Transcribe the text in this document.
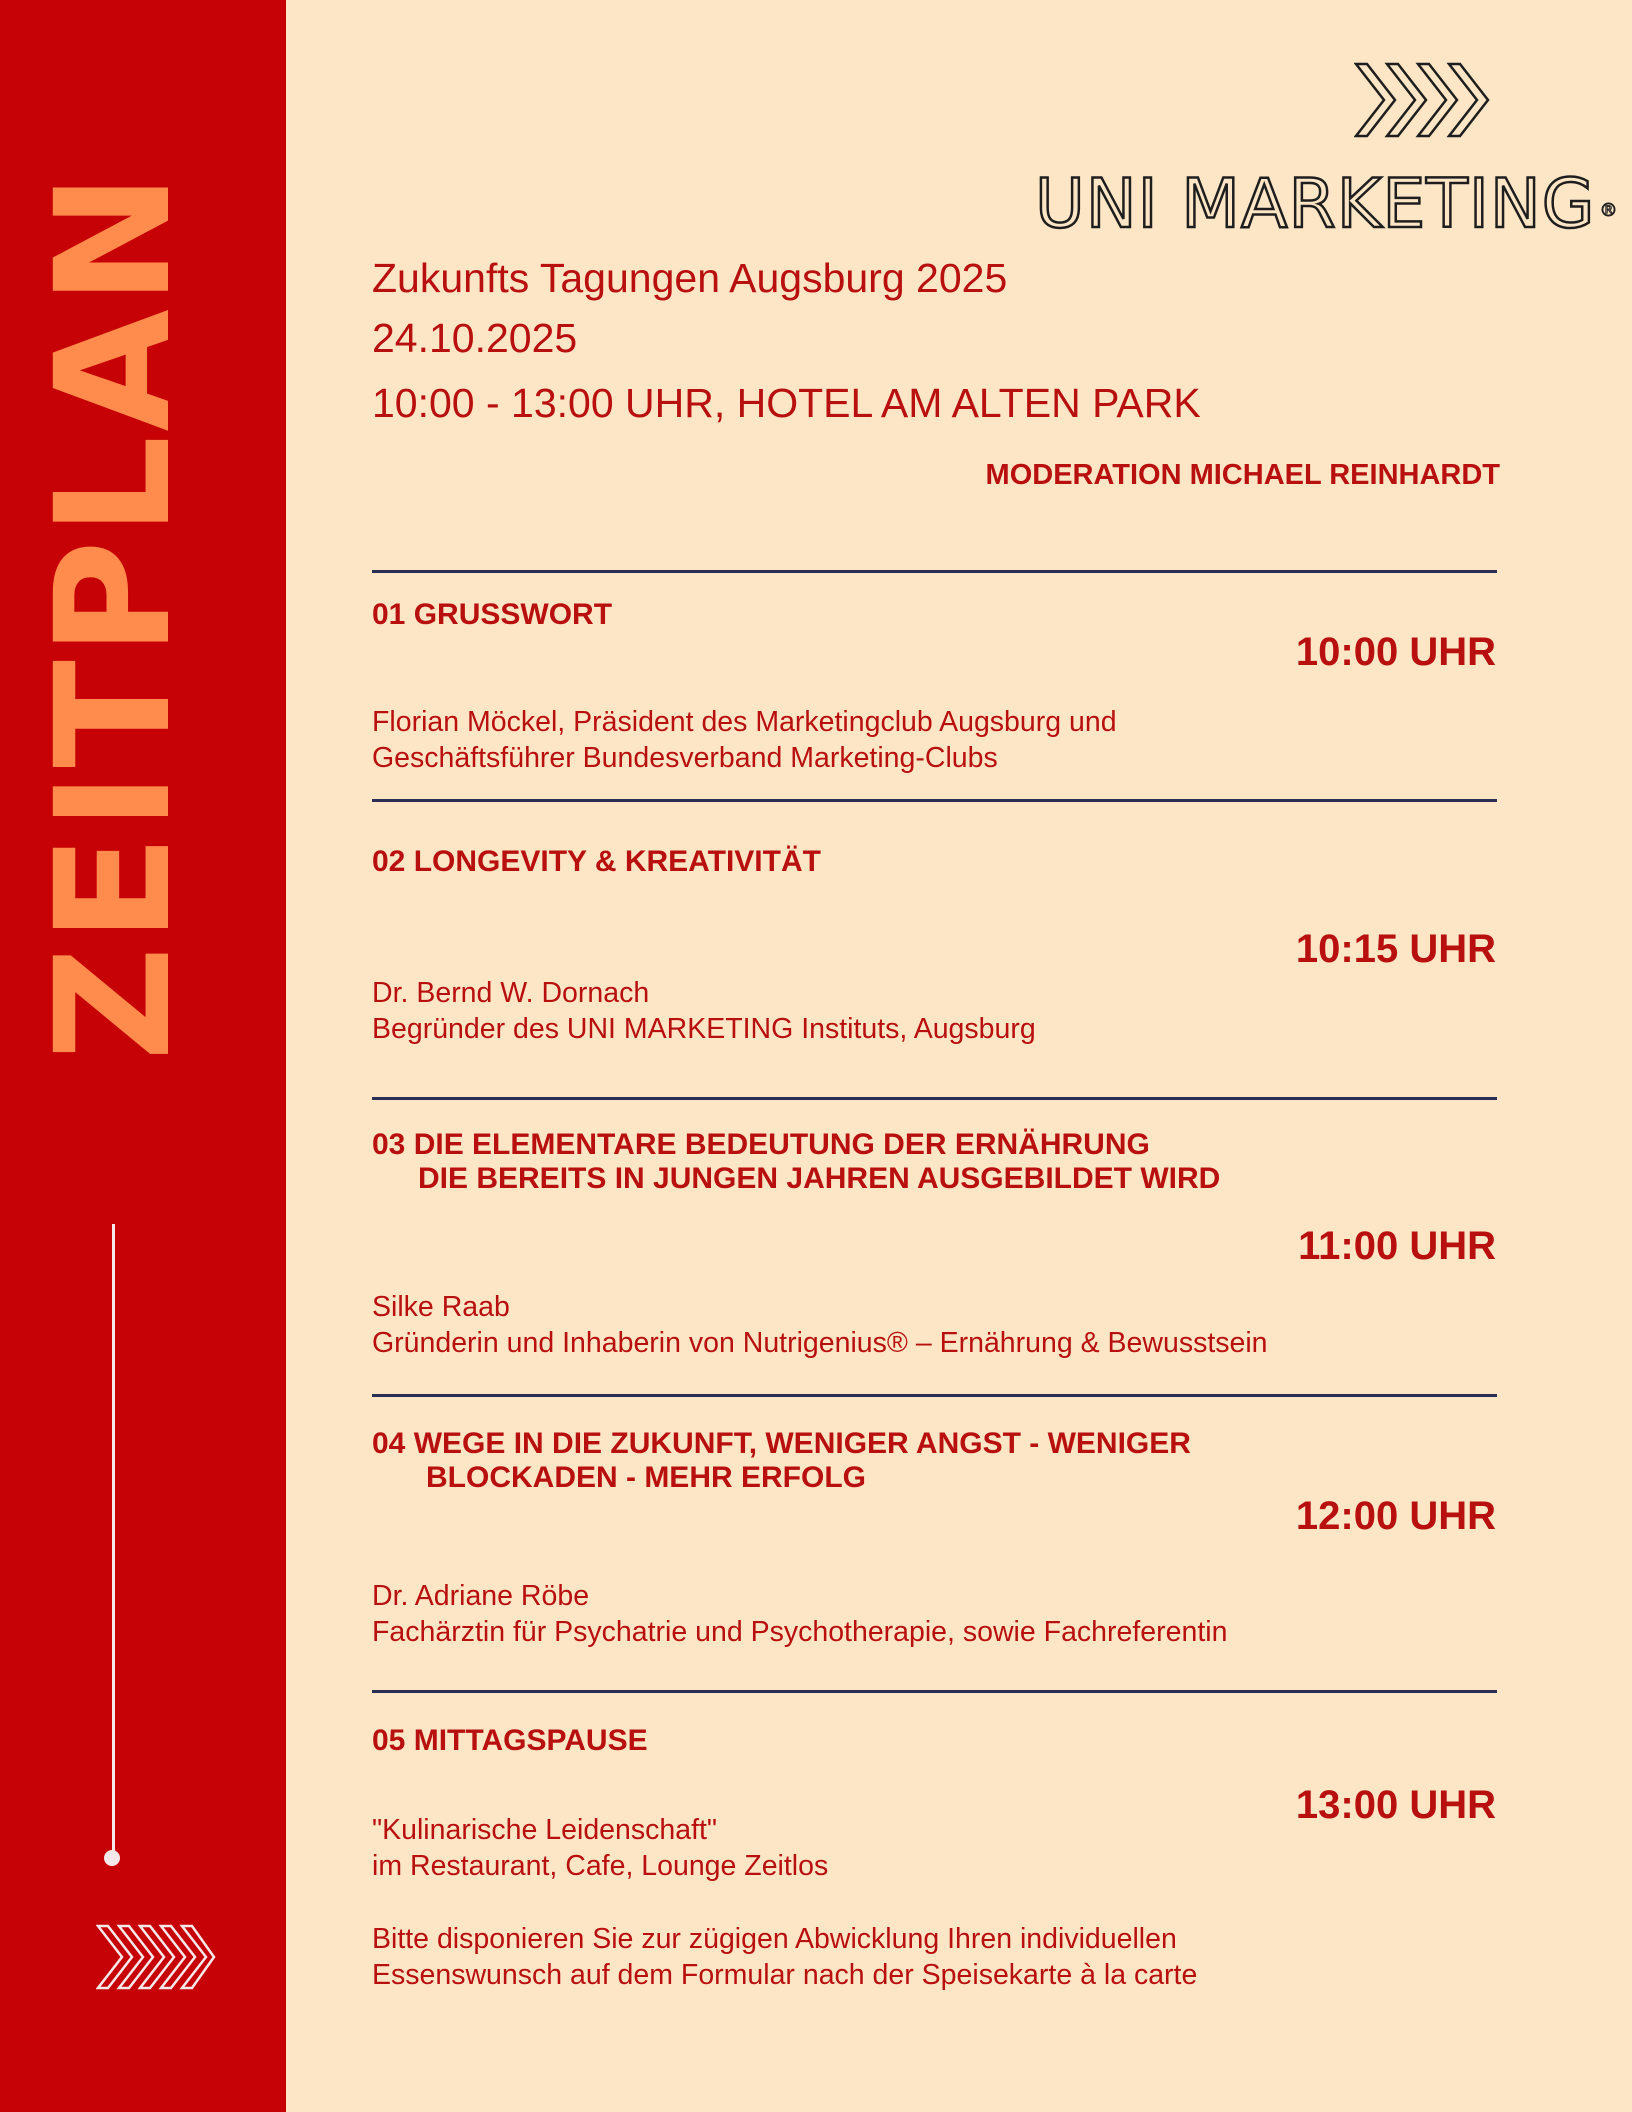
ZEITPLAN	UNI MARKETING ®
Zukunfts Tagungen Augsburg 2025
24.10.2025
10:00 - 13:00 UHR, HOTEL AM ALTEN PARK
MODERATION MICHAEL REINHARDT
01 GRUSSWORT
10:00 UHR
Florian Möckel, Präsident des Marketingclub Augsburg und
Geschäftsführer Bundesverband Marketing-Clubs
02 LONGEVITY & KREATIVITÄT
10:15 UHR
Dr. Bernd W. Dornach
Begründer des UNI MARKETING Instituts, Augsburg
03 DIE ELEMENTARE BEDEUTUNG DER ERNÄHRUNG
DIE BEREITS IN JUNGEN JAHREN AUSGEBILDET WIRD
11:00 UHR
Silke Raab
Gründerin und Inhaberin von Nutrigenius® – Ernährung & Bewusstsein
04 WEGE IN DIE ZUKUNFT, WENIGER ANGST - WENIGER
BLOCKADEN - MEHR ERFOLG
12:00 UHR
Dr. Adriane Röbe
Fachärztin für Psychatrie und Psychotherapie, sowie Fachreferentin
05 MITTAGSPAUSE
13:00 UHR
"Kulinarische Leidenschaft"
im Restaurant, Cafe, Lounge Zeitlos
Bitte disponieren Sie zur zügigen Abwicklung Ihren individuellen
Essenswunsch auf dem Formular nach der Speisekarte à la carte
